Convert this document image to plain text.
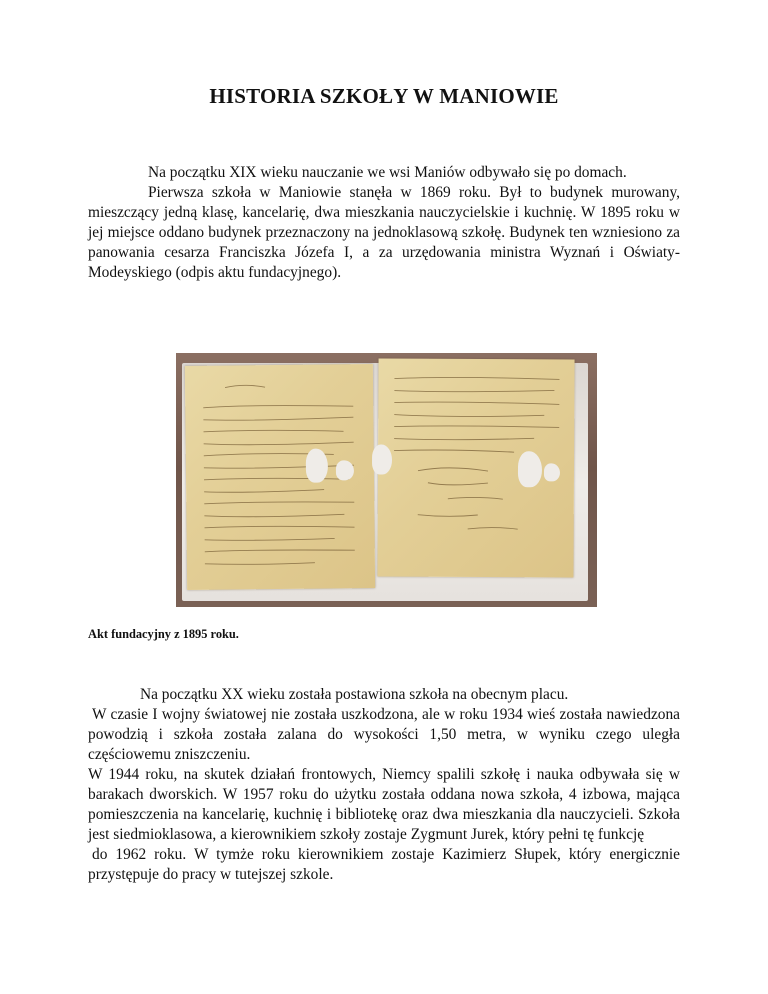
HISTORIA SZKOŁY W MANIOWIE

Na początku XIX wieku nauczanie we wsi Maniów odbywało się po domach.

Pierwsza szkoła w Maniowie stanęła w 1869 roku. Był to budynek murowany, mieszczący jedną klasę, kancelarię, dwa mieszkania nauczycielskie i kuchnię. W 1895 roku w jej miejsce oddano budynek przeznaczony na jednoklasową szkołę. Budynek ten wzniesiono za panowania cesarza Franciszka Józefa I, a za urzędowania ministra Wyznań i Oświaty- Modeyskiego (odpis aktu fundacyjnego).

Akt fundacyjny z 1895 roku.

Na początku XX wieku została postawiona szkoła na obecnym placu.

W czasie I wojny światowej nie została uszkodzona, ale w roku 1934 wieś została nawiedzona powodzią i szkoła została zalana do wysokości 1,50 metra, w wyniku czego uległa częściowemu zniszczeniu.

W 1944 roku, na skutek działań frontowych, Niemcy spalili szkołę i nauka odbywała się w barakach dworskich. W 1957 roku do użytku została oddana nowa szkoła, 4 izbowa, mająca pomieszczenia na kancelarię, kuchnię i bibliotekę oraz dwa mieszkania dla nauczycieli. Szkoła jest siedmioklasowa, a kierownikiem szkoły zostaje Zygmunt Jurek, który pełni tę funkcję

do 1962 roku. W tymże roku kierownikiem zostaje Kazimierz Słupek, który energicznie przystępuje do pracy w tutejszej szkole.
